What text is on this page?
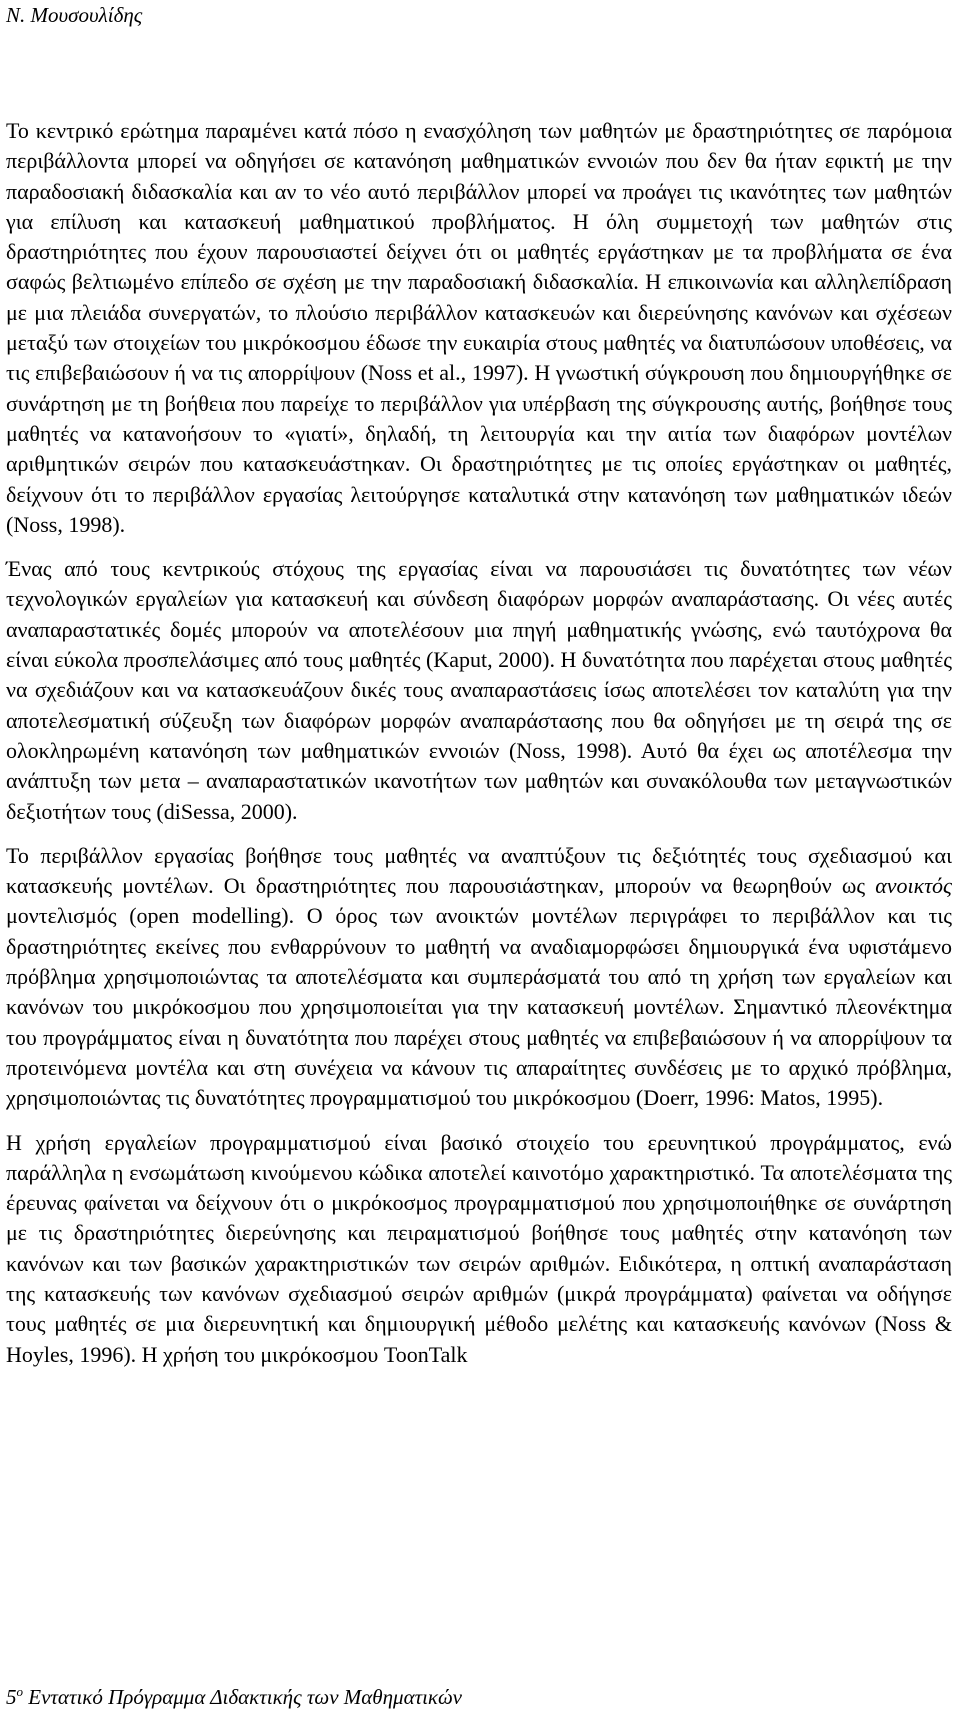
N. Μουσουλίδης

Το κεντρικό ερώτημα παραμένει κατά πόσο η ενασχόληση των μαθητών με δραστηριότητες σε παρόμοια περιβάλλοντα μπορεί να οδηγήσει σε κατανόηση μαθηματικών εννοιών που δεν θα ήταν εφικτή με την παραδοσιακή διδασκαλία και αν το νέο αυτό περιβάλλον μπορεί να προάγει τις ικανότητες των μαθητών για επίλυση και κατασκευή μαθηματικού προβλήματος. Η όλη συμμετοχή των μαθητών στις δραστηριότητες που έχουν παρουσιαστεί δείχνει ότι οι μαθητές εργάστηκαν με τα προβλήματα σε ένα σαφώς βελτιωμένο επίπεδο σε σχέση με την παραδοσιακή διδασκαλία. Η επικοινωνία και αλληλεπίδραση με μια πλειάδα συνεργατών, το πλούσιο περιβάλλον κατασκευών και διερεύνησης κανόνων και σχέσεων μεταξύ των στοιχείων του μικρόκοσμου έδωσε την ευκαιρία στους μαθητές να διατυπώσουν υποθέσεις, να τις επιβεβαιώσουν ή να τις απορρίψουν (Noss et al., 1997). Η γνωστική σύγκρουση που δημιουργήθηκε σε συνάρτηση με τη βοήθεια που παρείχε το περιβάλλον για υπέρβαση της σύγκρουσης αυτής, βοήθησε τους μαθητές να κατανοήσουν το «γιατί», δηλαδή, τη λειτουργία και την αιτία των διαφόρων μοντέλων αριθμητικών σειρών που κατασκευάστηκαν. Οι δραστηριότητες με τις οποίες εργάστηκαν οι μαθητές, δείχνουν ότι το περιβάλλον εργασίας λειτούργησε καταλυτικά στην κατανόηση των μαθηματικών ιδεών (Noss, 1998).

Ένας από τους κεντρικούς στόχους της εργασίας είναι να παρουσιάσει τις δυνατότητες των νέων τεχνολογικών εργαλείων για κατασκευή και σύνδεση διαφόρων μορφών αναπαράστασης. Οι νέες αυτές αναπαραστατικές δομές μπορούν να αποτελέσουν μια πηγή μαθηματικής γνώσης, ενώ ταυτόχρονα θα είναι εύκολα προσπελάσιμες από τους μαθητές (Kaput, 2000). Η δυνατότητα που παρέχεται στους μαθητές να σχεδιάζουν και να κατασκευάζουν δικές τους αναπαραστάσεις ίσως αποτελέσει τον καταλύτη για την αποτελεσματική σύζευξη των διαφόρων μορφών αναπαράστασης που θα οδηγήσει με τη σειρά της σε ολοκληρωμένη κατανόηση των μαθηματικών εννοιών (Noss, 1998). Αυτό θα έχει ως αποτέλεσμα την ανάπτυξη των μετα – αναπαραστατικών ικανοτήτων των μαθητών και συνακόλουθα των μεταγνωστικών δεξιοτήτων τους (diSessa, 2000).

Το περιβάλλον εργασίας βοήθησε τους μαθητές να αναπτύξουν τις δεξιότητές τους σχεδιασμού και κατασκευής μοντέλων. Οι δραστηριότητες που παρουσιάστηκαν, μπορούν να θεωρηθούν ως ανοικτός μοντελισμός (open modelling). Ο όρος των ανοικτών μοντέλων περιγράφει το περιβάλλον και τις δραστηριότητες εκείνες που ενθαρρύνουν το μαθητή να αναδιαμορφώσει δημιουργικά ένα υφιστάμενο πρόβλημα χρησιμοποιώντας τα αποτελέσματα και συμπεράσματά του από τη χρήση των εργαλείων και κανόνων του μικρόκοσμου που χρησιμοποιείται για την κατασκευή μοντέλων. Σημαντικό πλεονέκτημα του προγράμματος είναι η δυνατότητα που παρέχει στους μαθητές να επιβεβαιώσουν ή να απορρίψουν τα προτεινόμενα μοντέλα και στη συνέχεια να κάνουν τις απαραίτητες συνδέσεις με το αρχικό πρόβλημα, χρησιμοποιώντας τις δυνατότητες προγραμματισμού του μικρόκοσμου (Doerr, 1996: Matos, 1995).

Η χρήση εργαλείων προγραμματισμού είναι βασικό στοιχείο του ερευνητικού προγράμματος, ενώ παράλληλα η ενσωμάτωση κινούμενου κώδικα αποτελεί καινοτόμο χαρακτηριστικό. Τα αποτελέσματα της έρευνας φαίνεται να δείχνουν ότι ο μικρόκοσμος προγραμματισμού που χρησιμοποιήθηκε σε συνάρτηση με τις δραστηριότητες διερεύνησης και πειραματισμού βοήθησε τους μαθητές στην κατανόηση των κανόνων και των βασικών χαρακτηριστικών των σειρών αριθμών. Ειδικότερα, η οπτική αναπαράσταση της κατασκευής των κανόνων σχεδιασμού σειρών αριθμών (μικρά προγράμματα) φαίνεται να οδήγησε τους μαθητές σε μια διερευνητική και δημιουργική μέθοδο μελέτης και κατασκευής κανόνων (Noss & Hoyles, 1996). Η χρήση του μικρόκοσμου ToonTalk

$5^o$ Εντατικό Πρόγραμμα Διδακτικής των Μαθηματικών
